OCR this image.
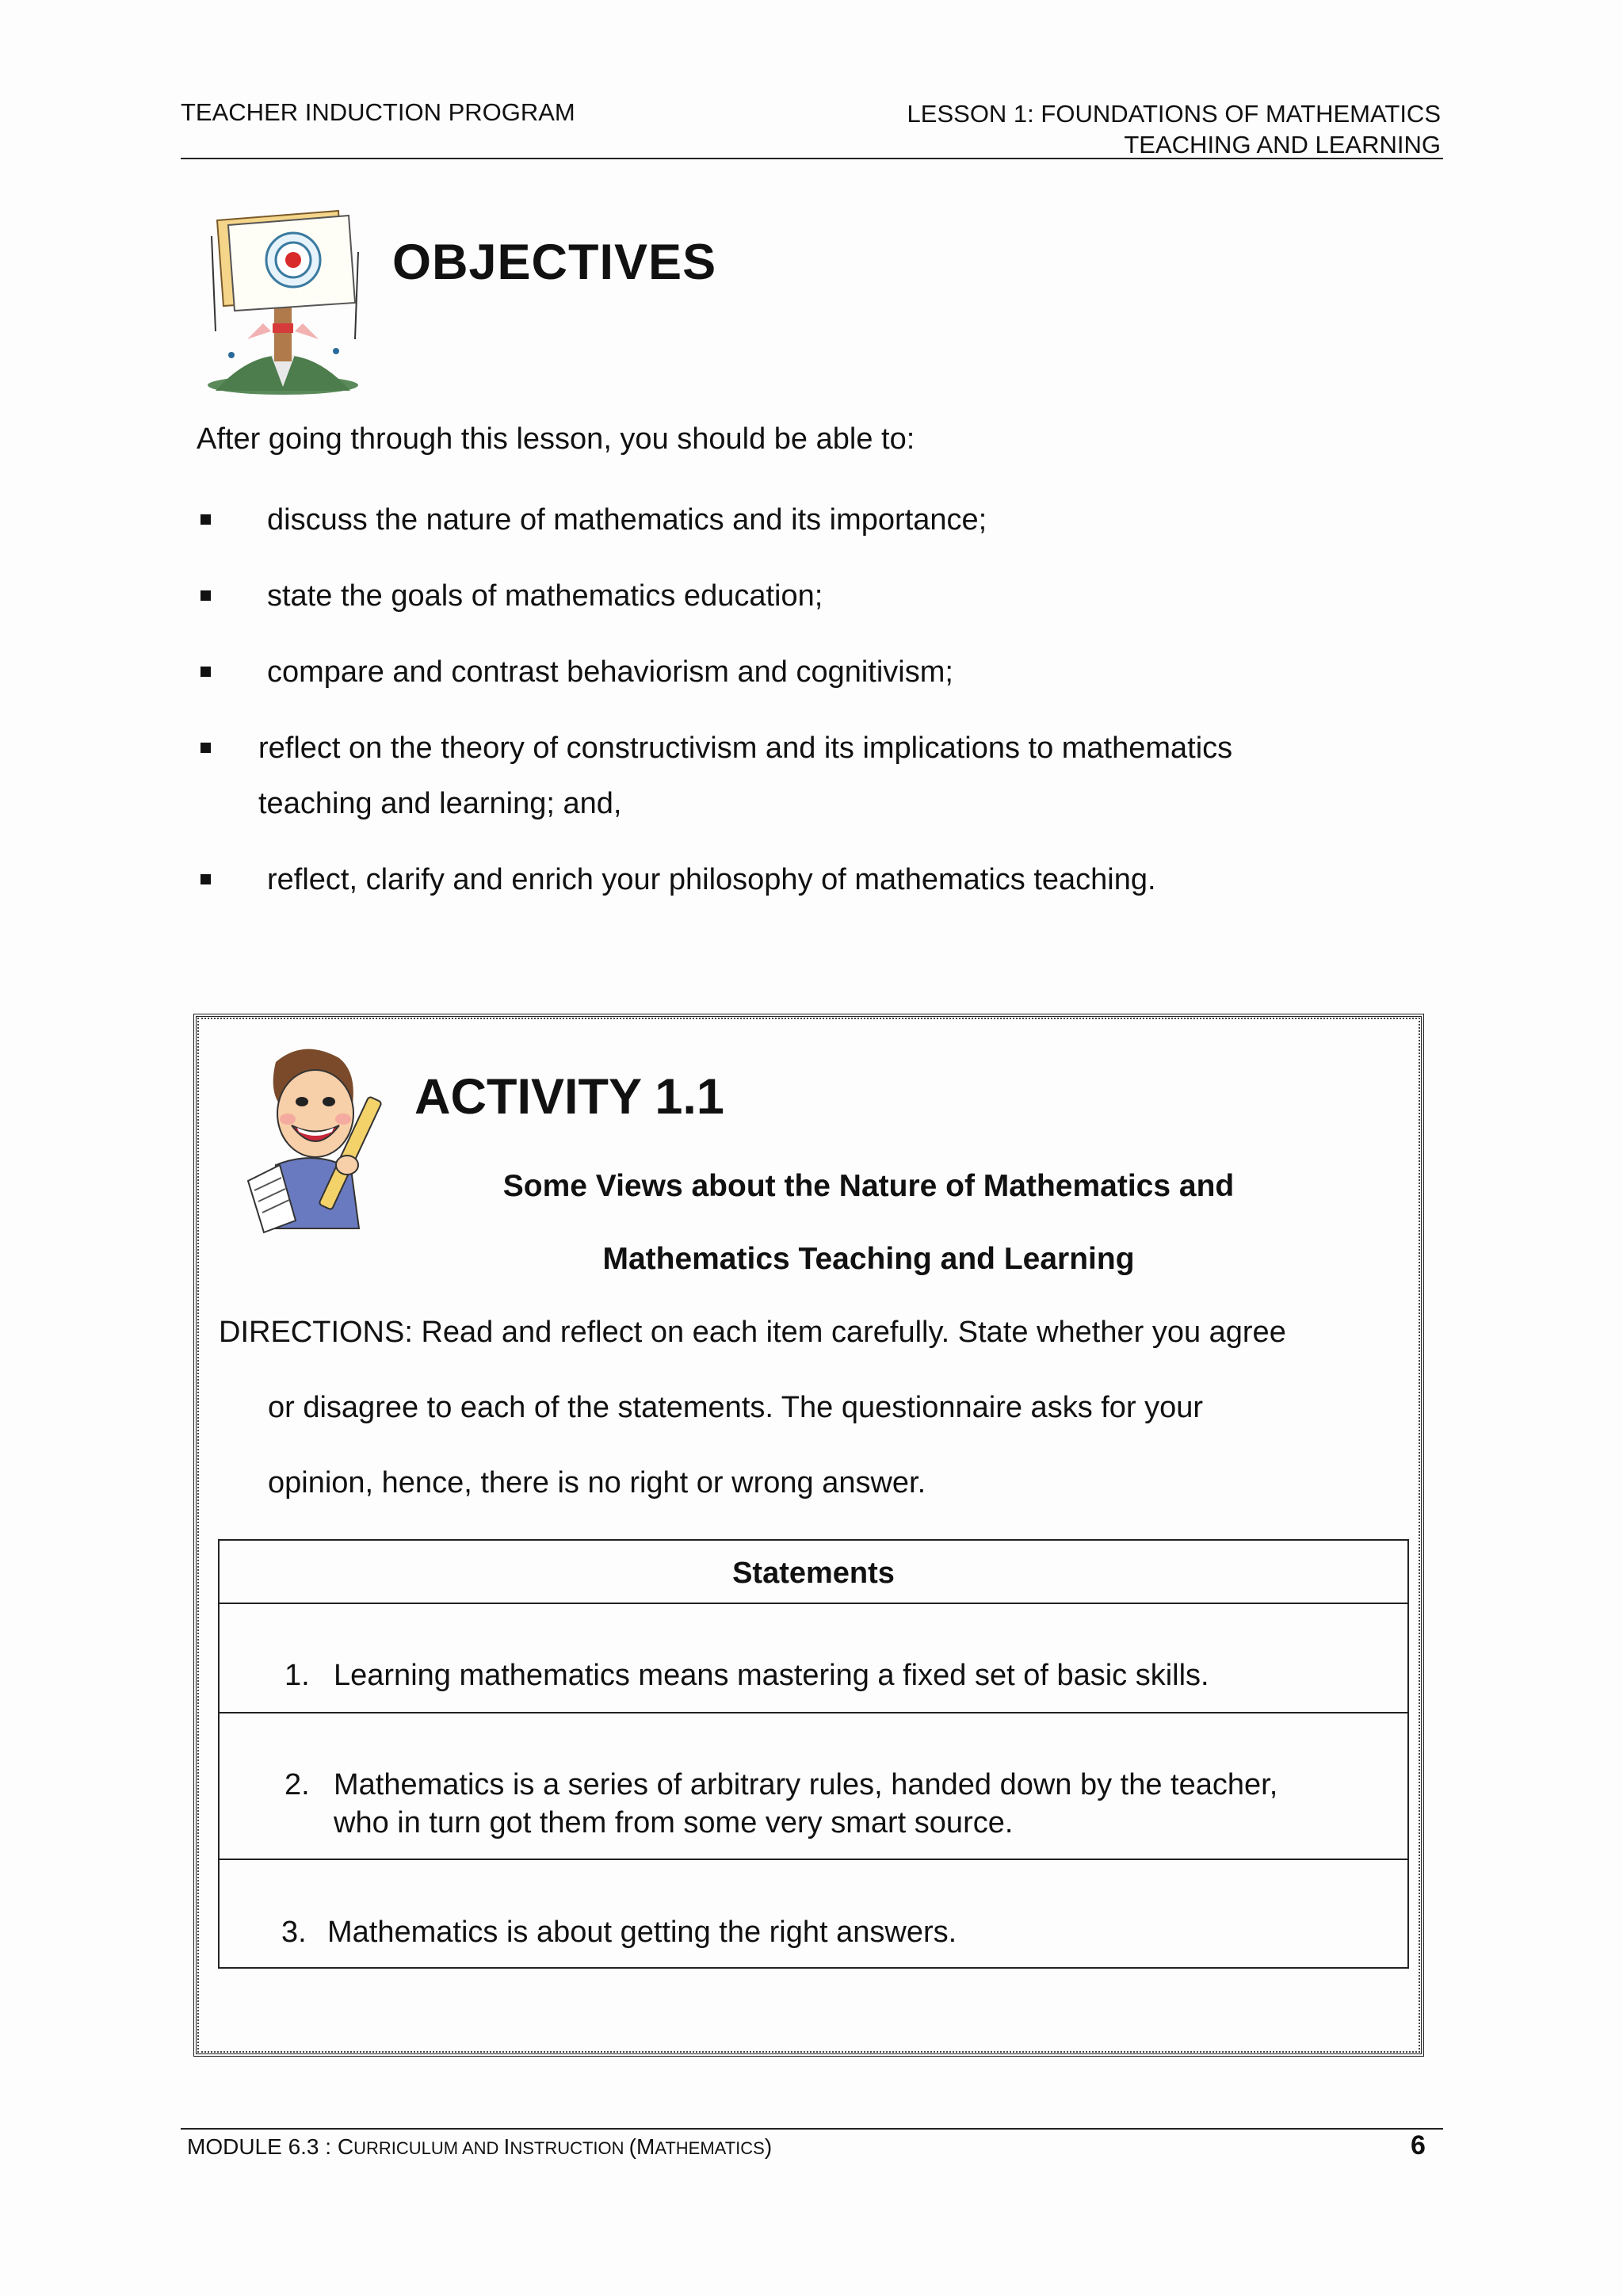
TEACHER INDUCTION PROGRAM	LESSON 1: FOUNDATIONS OF MATHEMATICS
TEACHING AND LEARNING
OBJECTIVES
After going through this lesson, you should be able to:
discuss the nature of mathematics and its importance;
state the goals of mathematics education;
compare and contrast behaviorism and cognitivism;
reflect on the theory of constructivism and its implications to mathematics
teaching and learning; and,
reflect, clarify and enrich your philosophy of mathematics teaching.
ACTIVITY 1.1
Some Views about the Nature of Mathematics and
Mathematics Teaching and Learning
DIRECTIONS: Read and reflect on each item carefully. State whether you agree
or disagree to each of the statements. The questionnaire asks for your
opinion, hence, there is no right or wrong answer.
Statements
1. Learning mathematics means mastering a fixed set of basic skills.
2. Mathematics is a series of arbitrary rules, handed down by the teacher,
who in turn got them from some very smart source.
3. Mathematics is about getting the right answers.
MODULE 6.3 : CURRICULUM AND INSTRUCTION (MATHEMATICS)	6
